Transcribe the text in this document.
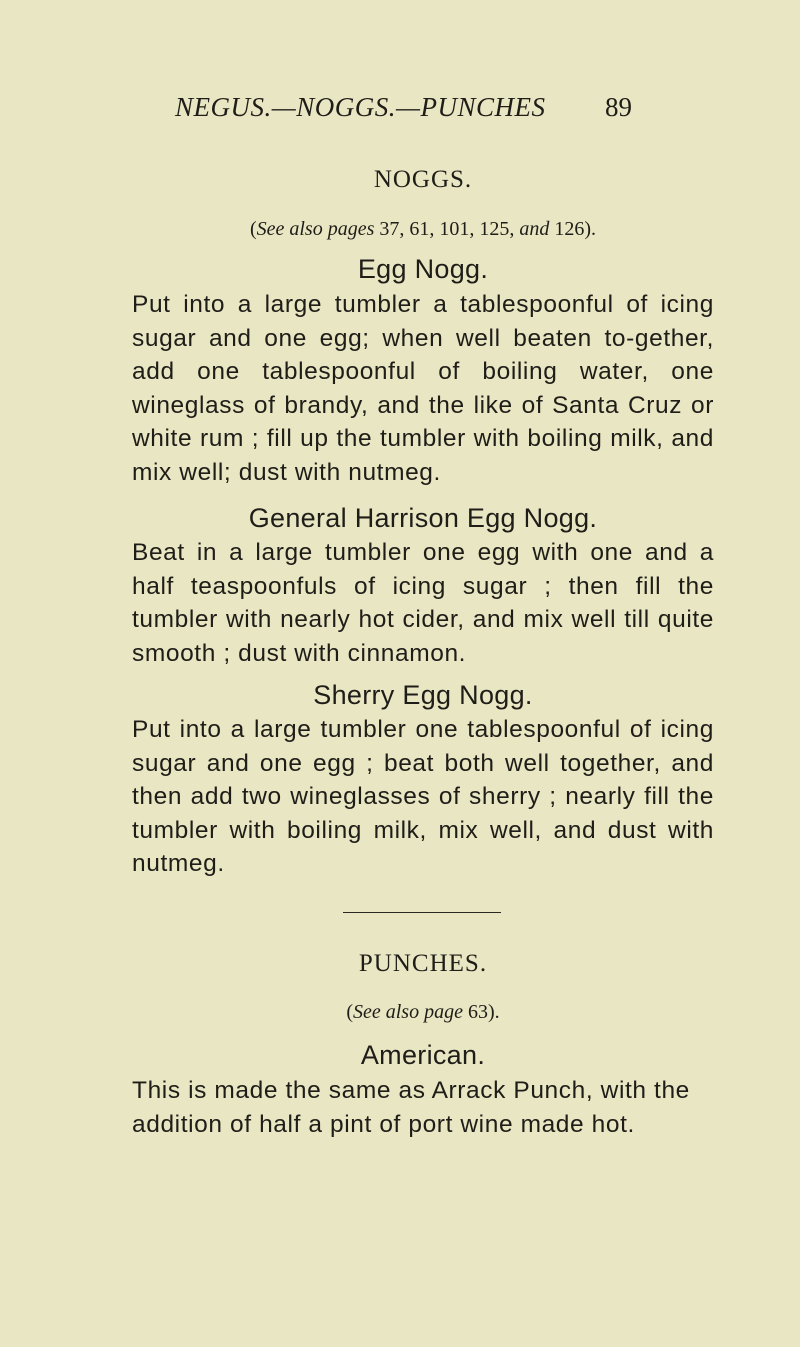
NEGUS.—NOGGS.—PUNCHES	89
NOGGS.
(See also pages 37, 61, 101, 125, and 126).
Egg Nogg.
Put into a large tumbler a tablespoonful of icing sugar and one egg; when well beaten to-gether, add one tablespoonful of boiling water, one wineglass of brandy, and the like of Santa Cruz or white rum ; fill up the tumbler with boiling milk, and mix well; dust with nutmeg.
General Harrison Egg Nogg.
Beat in a large tumbler one egg with one and a half teaspoonfuls of icing sugar ; then fill the tumbler with nearly hot cider, and mix well till quite smooth ; dust with cinnamon.
Sherry Egg Nogg.
Put into a large tumbler one tablespoonful of icing sugar and one egg ; beat both well together, and then add two wineglasses of sherry ; nearly fill the tumbler with boiling milk, mix well, and dust with nutmeg.
PUNCHES.
(See also page 63).
American.
This is made the same as Arrack Punch, with the addition of half a pint of port wine made hot.
